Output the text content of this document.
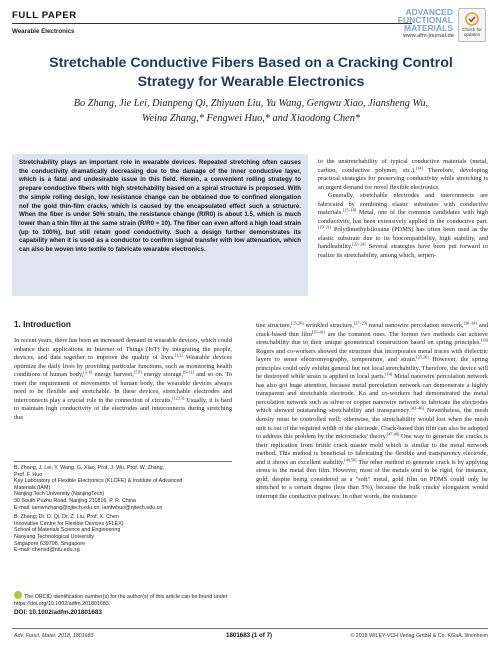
FULL PAPER
Wearable Electronics
ADVANCED
FUNCTIONAL
MATERIALS
www.afm-journal.de
Check for
updates
Stretchable Conductive Fibers Based on a Cracking Control Strategy for Wearable Electronics
Bo Zhang, Jie Lei, Dianpeng Qi, Zhiyuan Liu, Yu Wang, Gengwu Xiao, Jiansheng Wu,
Weina Zhang,* Fengwei Huo,* and Xiaodong Chen*
Stretchability plays an important role in wearable devices. Repeated stretching often causes the conductivity dramatically decreasing due to the damage of the inner conductive layer, which is a fatal and undesirable issue in this field. Herein, a convenient rolling strategy to prepare conductive fibers with high stretchability based on a spiral structure is proposed. With the simple rolling design, low resistance change can be obtained due to confined elongation nof the gold thin-film cracks, which is caused by the encapsulated effect such a structure. When the fiber is under 50% strain, the resistance change (R/R0) is about 1.5, which is much lower than a thin film at the same strain (R/R0 ≈ 10). The fiber can even afford a high load strain (up to 100%), but still retain good conductivity. Such a design further demonstrates its capability when it is used as a conductor to confirm signal transfer with low attenuation, which can also be woven into textile to fabricate wearable electronics.
1. Introduction

In recent years, there has been an increased demand in wearable devices, which could enhance their applications in Internet of Things (IoT) by integrating the people, devices, and data together to improve the quality of lives.[1,2] Wearable devices optimize the daily lives by providing particular functions, such as monitoring health conditions of human body,[3–6] energy harvest,[7,8] energy storage,[9–11] and so on. To meet the requirement of movements of human body, the wearable devices always need to be flexible and stretchable. In these devices, stretchable electrodes and interconnects play a crucial role in the connection of circuits.[12,13] Usually, it is hard to maintain high conductivity of the electrodes and interconnects during stretching due

B. Zhang, J. Lei, Y. Wang, G. Xiao, Prof. J. Wu, Prof. W. Zhang,
Prof. F. Huo
Key Laboratory of Flexible Electronics (KLOFE) & Institute of Advanced
Materials (IAM)
Nanjing Tech University (NanjingTech)
30 South Puzhu Road, Nanjing 211816, P. R. China
E-mail: iamwnzhang@njtech.edu.cn; iamfwhuo@njtech.edu.cn
B. Zhang; Dr. D. Qi, Dr. Z. Liu, Prof. X. Chen
Innovative Centre for Flexible Devices (iFLEX)
School of Materials Science and Engineering
Nanyang Technological University
Singapore 639798, Singapore
E-mail: chenxd@ntu.edu.sg
The ORCID identification number(s) for the author(s) of this article can be found under https://doi.org/10.1002/adfm.201801683.
DOI: 10.1002/adfm.201801683

to the unstretchability of typical conductive materials (metal, carbon, conductive polymer, etc.).[14] Therefore, developing practical strategies for preserving conductivity while stretching is an urgent demand for novel flexible electronics.

Generally, stretchable electrodes and interconnects are fabricated by combining elastic substrates with conductive materials.[15–18] Metal, one of the common candidates with high conductivity, has been extensively applied in the conductive part.[19–21] Polydimethylsiloxane (PDMS) has often been used as the elastic substrate due to its biocompatibility, high stability, and handleability.[22–24] Several strategies have been put forward to realize its stretchability, among which, serpen-

tine structure,[25,26] wrinkled structure,[27–29] metal nanowire percolation network,[30–34] and crack-based thin film[35–41] are the common ones. The former two methods can achieve stretchability due to their unique geometrical construction based on spring principles.[14] Rogers and co-workers showed the structure that incorporates metal traces with dielectric layers to sense electromyography, temperature, and strain.[25,26] However, the spring principles could only exhibit general but not local stretchability. Therefore, the device will be destroyed while strain is applied in local parts.[14] Metal nanowire percolation network has also got huge attention, because metal percolation network can demonstrate a highly transparent and stretchable electrode. Ko and co-workers had demonstrated the metal percolation network such as silver or copper nanowire network to fabricate the electrodes which showed outstanding stretchability and transparency.[42–46] Nevertheless, the mesh density must be controlled well; otherwise, the stretchability would lost when the mesh unit is out of the required width of the electrode. Crack-based thin film can also be adopted to address this problem by the microcracks' theory.[47,48] One way to generate the cracks is their replication from brittle crack master mold which is similar to the metal network method. This method is beneficial to fabricating the flexible and transparency electrode, and it shows an excellent stability.[49,50] The other method to generate crack is by applying stress to the metal thin film. However, most of the metals tend to be rigid, for instance, gold; despite being considered as a "soft" metal, gold film on PDMS could only be stretched to a certain degree (less than 5%), because the bulk cracks' elongation would interrupt the conductive pathway. In other words, the resistance

Adv. Funct. Mater. 2018, 1801683	1801683 (1 of 7)	© 2018 WILEY-VCH Verlag GmbH & Co. KGaA, Weinheim
